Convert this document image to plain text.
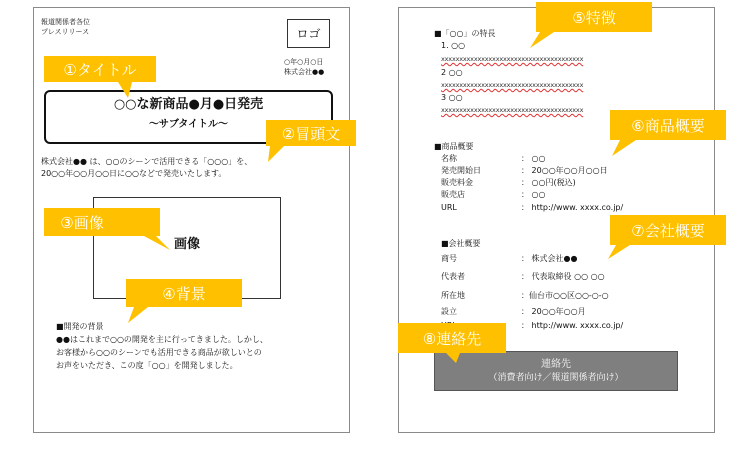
報道関係者各位
プレスリリース	ロゴ
○年○月○日
株式会社●●
○○な新商品●月●日発売
～サブタイトル～
株式会社●● は、○○のシーンで活用できる「○○○」を、
20○○年○○月○○日に○○などで発売いたします。
画像
■開発の背景
●●はこれまで○○の開発を主に行ってきました。しかし、
お客様から○○のシーンでも活用できる商品が欲しいとの
お声をいただき、この度「○○」を開発しました。
■「○○」の特長
1. ○○
xxxxxxxxxxxxxxxxxxxxxxxxxxxxxxxxxxxxxxx
2 ○○
xxxxxxxxxxxxxxxxxxxxxxxxxxxxxxxxxxxxxxx
3 ○○
xxxxxxxxxxxxxxxxxxxxxxxxxxxxxxxxxxxxxxx
■商品概要
名称	： ○○
発売開始日	： 20○○年○○月○○日
販売料金	： ○○円(税込)
販売店	： ○○
URL	： http://www. xxxx.co.jp/
■会社概要
商号	： 株式会社●●
代表者	： 代表取締役 ○○ ○○
所在地	：仙台市○○区○○-○-○
設立	： 20○○年○○月
： http://www. xxxx.co.jp/
連絡先
（消費者向け／報道関係者向け）
①タイトル
②冒頭文
③画像
④背景
⑤特徴
⑥商品概要
⑦会社概要
⑧連絡先
